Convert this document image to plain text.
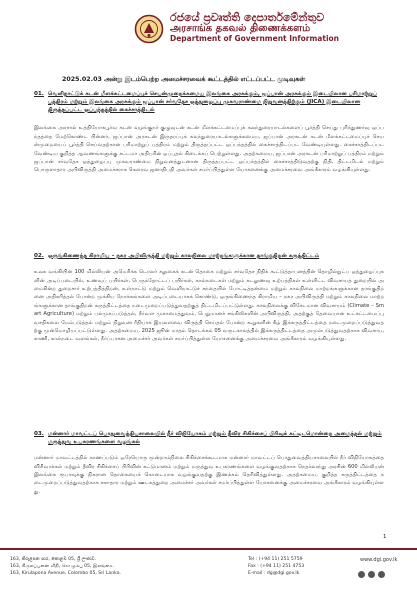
රජයේ ප්‍රවෘත්ති දෙපාර්තමේන්තුව
அரசாங்க தகவல் திணைக்களம்
Department of Government Information
2025.02.03 அன்று இடம்பெற்ற அமைச்சரவைக் கூட்டத்தில் எட்டப்பட்ட முடிவுகள்
01. வெளிநாட்டுக் கடன் மீளக்கட்டமைப்புச் செயன்முறைக்கமைய இலங்கை அரசுக்கும், ஜப்பான் அரசுக்கும் இடையிலான பரிமாற்றுப் பத்திரம் மற்றும் இலங்கை அரசுக்கும் ஜப்பான் சர்வதேச ஒத்துழைப்பு முகவராண்மை நிறுவனத்திற்கும் (JICA) இடையிலான திருத்தப்பட்ட ஒப்பந்தத்தில் கைச்சாத்திடல்
இலங்கை அரசால் உத்தியோகபூர்வ கடன் வழங்குநர் குழுவுடன் கடன் மீளக்கட்டமைப்புக் கலந்துரையாடல்களைப் பூர்த்தி செய்து புரிந்துணர்வு ஒப்பந்தத்தை மேற்கொண்ட பின்னர், ஜப்பான் அரசுடன் இருதரப்புக் கலந்துரையாடல்களுக்கமைய, ஜப்பான் அரசுடன் கடன் மீளக்கட்டமைப்புச் செயன்முறையைப் பூர்த்தி செய்வதற்கான பரிமாற்றுப் பத்திரம் மற்றும் திருத்தப்பட்ட ஒப்பந்தத்தில் கைச்சாத்திடப்பட வேண்டியுள்ளது. கைச்சாத்திடப்பட வேண்டிய குறித்த ஆவணங்களுக்கு சட்டமா அதிபரின் ஒப்புதல் கிடைக்கப் பெற்றுள்ளது. அதற்கமைய, ஜப்பான் அரசுடன் பரிமாற்றுப் பத்திரம் மற்றும் ஜப்பான் சர்வதேச ஒத்துழைப்பு முகவராண்மை நிறுவனத்துடனான திருத்தப்பட்ட ஒப்பந்தத்தில் கைச்சாத்திடுவதற்கு நிதி, திட்டமிடல் மற்றும் பொருளாதார அபிவிருத்தி அமைச்சராக கௌரவ ஜனாதிபதி அவர்கள் சமர்ப்பித்துள்ள யோசனைக்கு அமைச்சரவை அங்கீகாரம் வழங்கியுள்ளது.
02. ஒருங்கிணைந்த கிராமிய – நகர அபிவிருத்தி மற்றும் காலநிலை மாற்றங்களுக்கான தாங்குதிறன் கருத்திட்டம்
உலக வங்கியின் 100 மில்லியன் அமெரிக்க டொலர் சலுகைக் கடன் தொகை மற்றும் சர்வதேச நிதிக் கூட்டுத்தாபனத்தின் தொழில்நுட்ப ஒத்துழைப்புகளின் அடிப்படையில், உணவுப் பயிர்கள், பெருந்தோட்டப் பயிர்கள், கால்நடைகள் மற்றும் கடலுணவு உற்பத்திகள் உள்ளிட்ட விவசாயத் துறையில் அமைகின்ற துறைசார் உற்பத்தித்திறன், உள்நாட்டு மற்றும் வெளிநாட்டுச் சந்தையில் போட்டித்தன்மை மற்றும் காலநிலை மாற்றங்களுக்கான தாங்குதிறனை அதிகரித்தல் போன்ற முக்கிய நோக்கங்களை அடிப்படையாகக் கொண்டு, ஒருங்கிணைந்த கிராமிய – நகர அபிவிருத்தி மற்றும் காலநிலை மாற்றங்களுக்கான தாங்குதிறன் கருத்திட்டத்தை நடைமுறைப்படுத்துவதற்குத் திட்டமிடப்பட்டுள்ளது. காலநிலைக்கு விசேடமான விவசாயம் (Climate – Smart Agriculture) மற்றும் பல்முகப்படுத்தல், நீர்வள முகாமைத்துவம், பெறுமானச் சங்கிலிகளின் அபிவிருத்தி, அதற்குத் தேவையான உட்கட்டமைப்பு வசதிகளை மேம்படுத்தல் மற்றும் நிறுவன ரீதியாக இயலளவை விருத்தி செய்தல் போன்ற கூறுகளின் கீழ் இக்கருத்திட்டத்தை நடைமுறைப்படுத்துவதற்கு முன்மொழியப்பட்டுள்ளது. அதற்கமைய, 2025 ஜூன் மாதம் தொடக்கம் 05 வருடகாலத்தில் இக்கருத்திட்டத்தை அமுல்படுத்துவதற்காக விவசாய, காணி, கால்நடை வளங்கள், நீர்ப்பாசன அமைச்சர் அவர்கள் சமர்ப்பித்துள்ள யோசனைக்கு அமைச்சரவை அங்கீகாரம் வழங்கியுள்ளது.
03. மன்னார் மாவட்டப் பொதுவைத்தியசாலையில் நீர் விநியோகம் மற்றும் தீவிர சிகிச்சைப் பிரிவுக் கட்டிடமொன்றை அமைத்தல் மற்றும் மருத்துவ உபகரணங்களை வழங்கல்
மன்னார் மாவட்டத்தில் காணப்படும் ஒரேயொரு மூன்றாம்நிலை சிகிச்சைக்கூடமாக மன்னார் மாவட்டப் பொதுவைத்தியசாலையில் நீர் விநியோகத்தை விரிவாக்கல் மற்றும் தீவிர சிகிச்சைப் பிரிவின் கட்டுமானம் மற்றும் மருத்துவ உபகரணங்களை வழங்குவதற்காக நெதர்லாந்து அரசின் 600 மில்லியன் இலங்கை ரூபாவுக்கு நிகரான தொகையைக் கொடையாக வழங்குவதற்கு இணக்கம் தெரிவித்துள்ளது. அதற்கமைய, குறித்த கருத்திட்டத்தை நடைமுறைப்படுத்துவதற்காக சுகாதார மற்றும் ஊடகத்துறை அமைச்சர் அவர்கள் சமர்ப்பித்துள்ள யோசனைக்கு அமைச்சரவை அங்கீகாரம் வழங்கியுள்ளது.
1
163, කිරුළපන පාර, කොළඹ 05, ශ්‍රී ලංකාව.
163, கிருலப்பனை வீதி, கொழும்பு 05, இலங்கை.
163, Kirulapona Avenue, Colombo 05, Sri Lanka.
Tel : (+94 11) 251 5759
Fax : (+94 11) 251 4753
E-mail : dg@dgi.gov.lk
www.dgi.gov.lk
